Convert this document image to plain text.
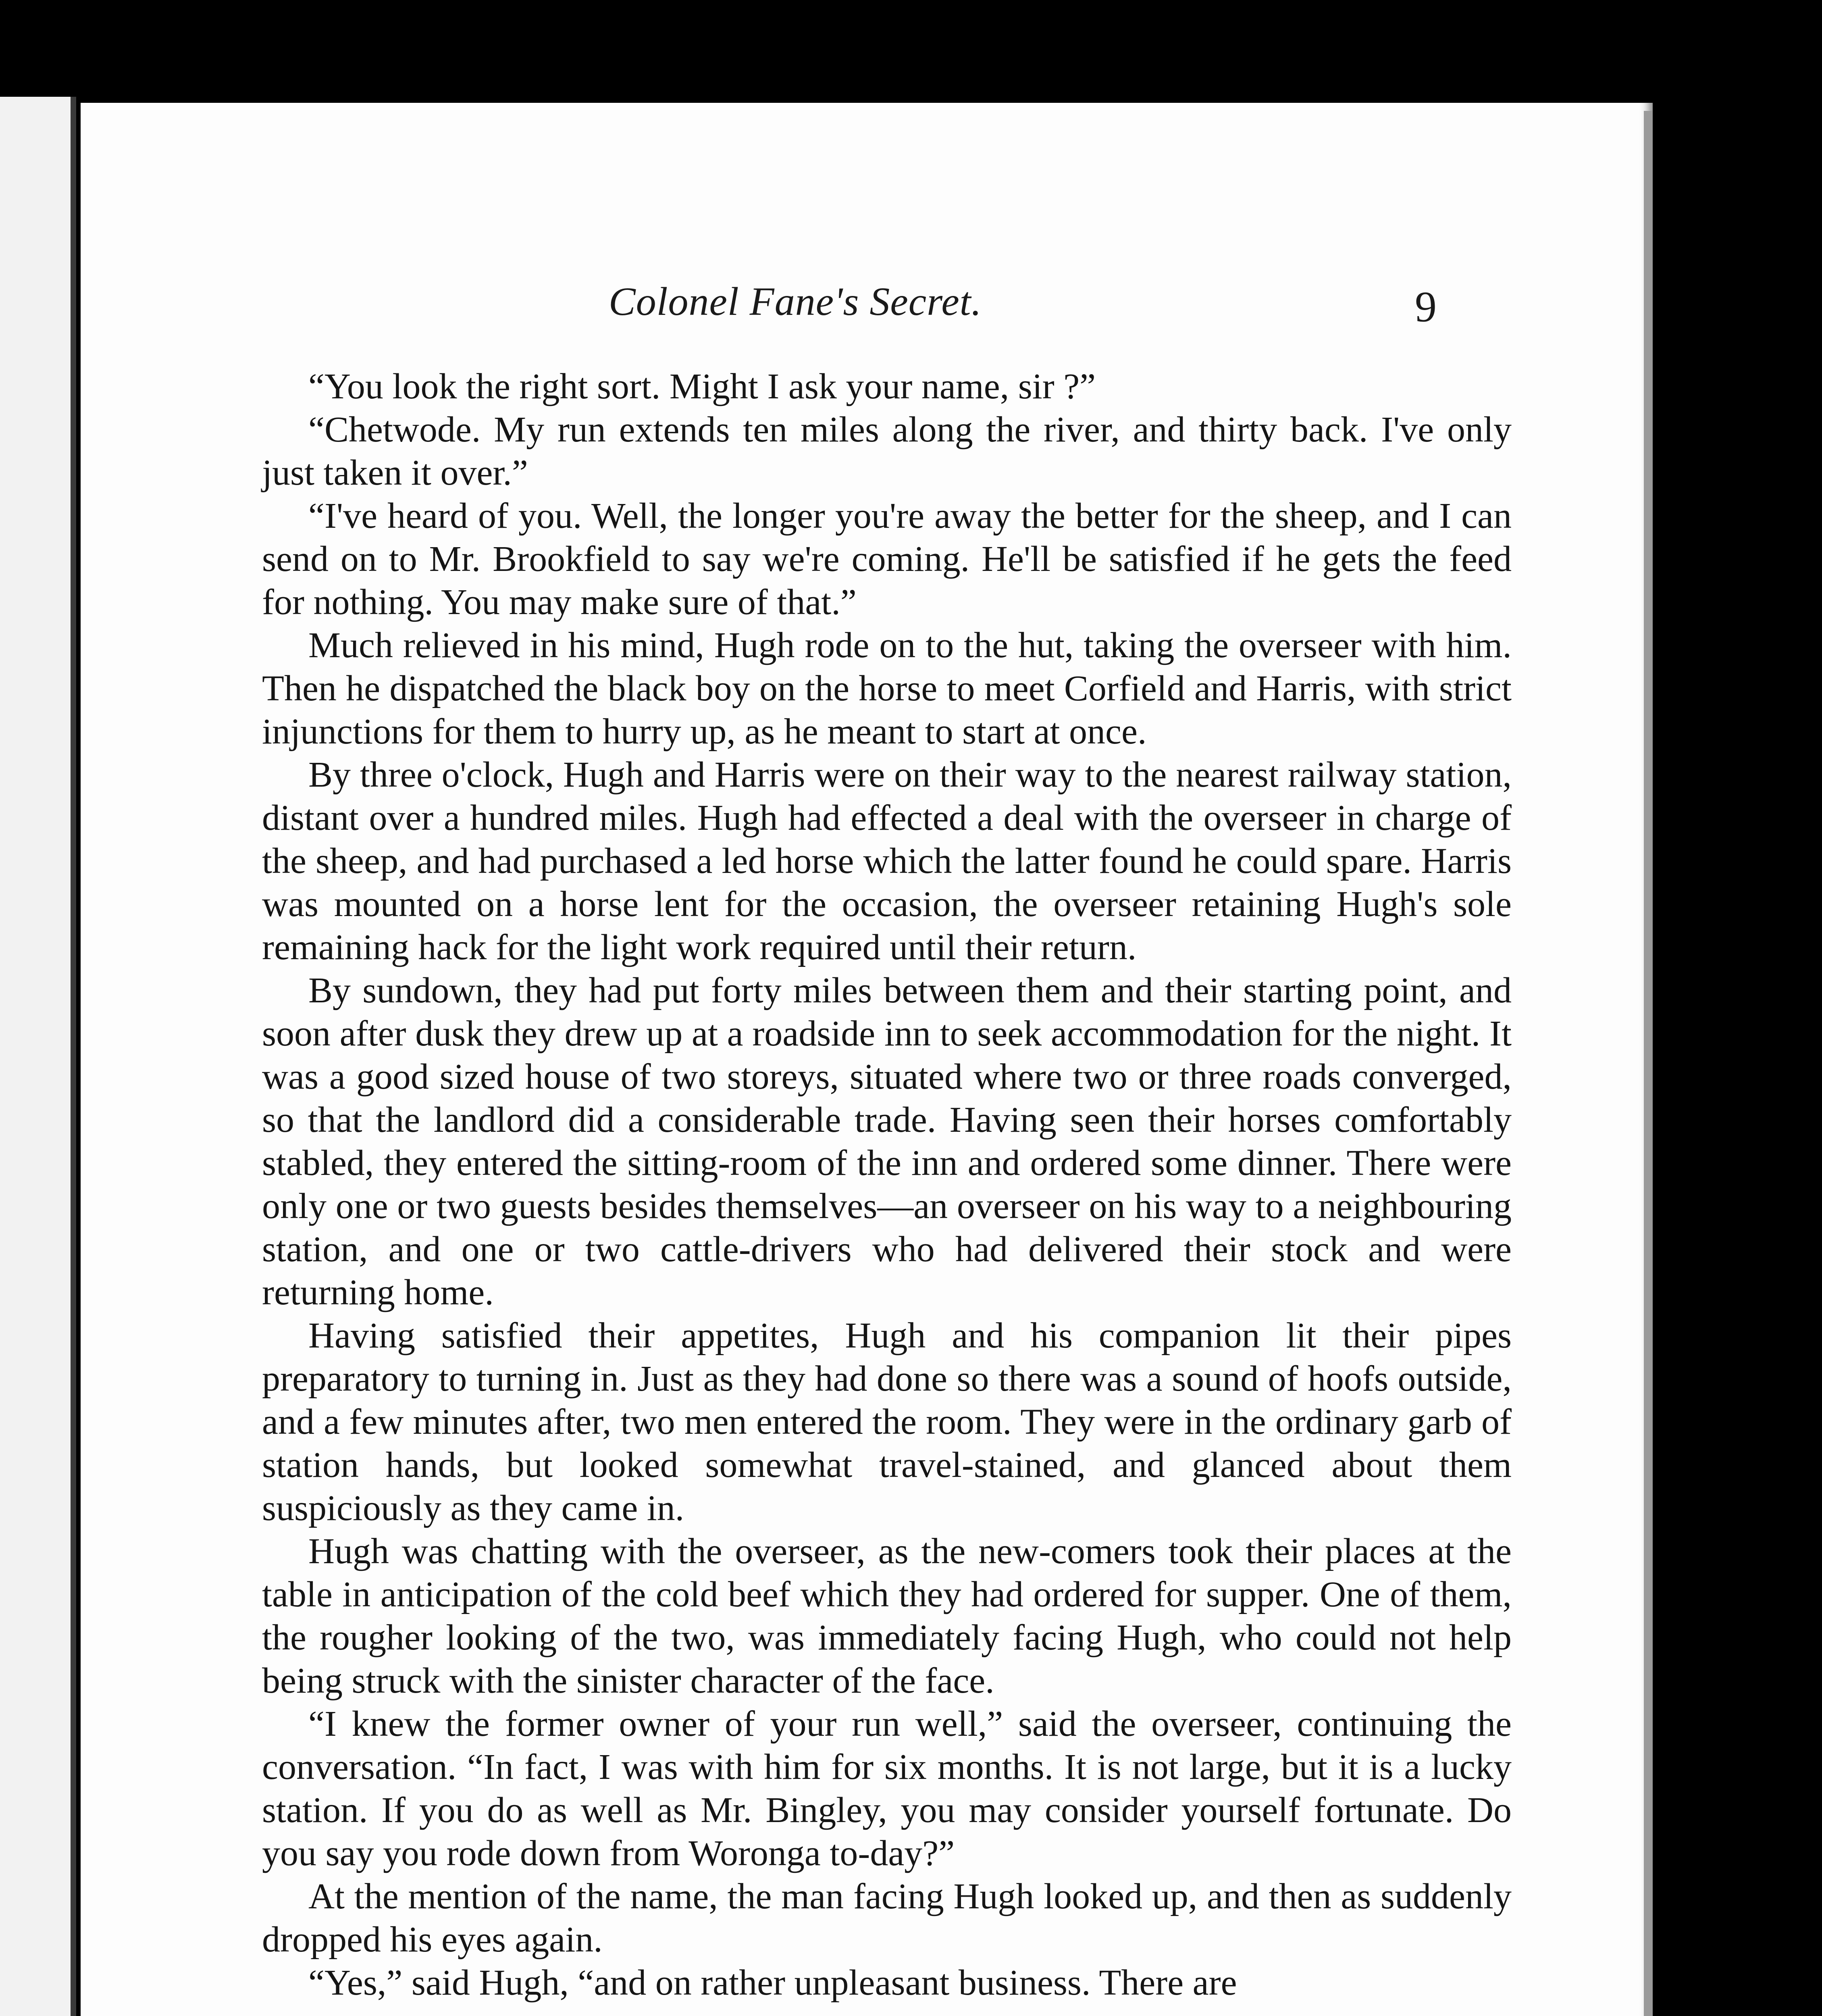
Colonel Fane's Secret.	9

“You look the right sort. Might I ask your name, sir ?”

“Chetwode. My run extends ten miles along the river, and thirty back. I've only just taken it over.”

“I've heard of you. Well, the longer you're away the better for the sheep, and I can send on to Mr. Brookfield to say we're coming. He'll be satisfied if he gets the feed for nothing. You may make sure of that.”

Much relieved in his mind, Hugh rode on to the hut, taking the overseer with him. Then he dispatched the black boy on the horse to meet Corfield and Harris, with strict injunctions for them to hurry up, as he meant to start at once.

By three o'clock, Hugh and Harris were on their way to the nearest railway station, distant over a hundred miles. Hugh had effected a deal with the overseer in charge of the sheep, and had purchased a led horse which the latter found he could spare. Harris was mounted on a horse lent for the occasion, the overseer retaining Hugh's sole remaining hack for the light work required until their return.

By sundown, they had put forty miles between them and their starting point, and soon after dusk they drew up at a roadside inn to seek accommodation for the night. It was a good sized house of two storeys, situated where two or three roads converged, so that the landlord did a considerable trade. Having seen their horses comfortably stabled, they entered the sitting-room of the inn and ordered some dinner. There were only one or two guests besides themselves—an overseer on his way to a neighbouring station, and one or two cattle-drivers who had delivered their stock and were returning home.

Having satisfied their appetites, Hugh and his companion lit their pipes preparatory to turning in. Just as they had done so there was a sound of hoofs outside, and a few minutes after, two men entered the room. They were in the ordinary garb of station hands, but looked somewhat travel-stained, and glanced about them suspiciously as they came in.

Hugh was chatting with the overseer, as the new-comers took their places at the table in anticipation of the cold beef which they had ordered for supper. One of them, the rougher looking of the two, was immediately facing Hugh, who could not help being struck with the sinister character of the face.

“I knew the former owner of your run well,” said the overseer, continuing the conversation. “In fact, I was with him for six months. It is not large, but it is a lucky station. If you do as well as Mr. Bingley, you may consider yourself fortunate. Do you say you rode down from Woronga to-day?”

At the mention of the name, the man facing Hugh looked up, and then as suddenly dropped his eyes again.

“Yes,” said Hugh, “and on rather unpleasant business. There are
